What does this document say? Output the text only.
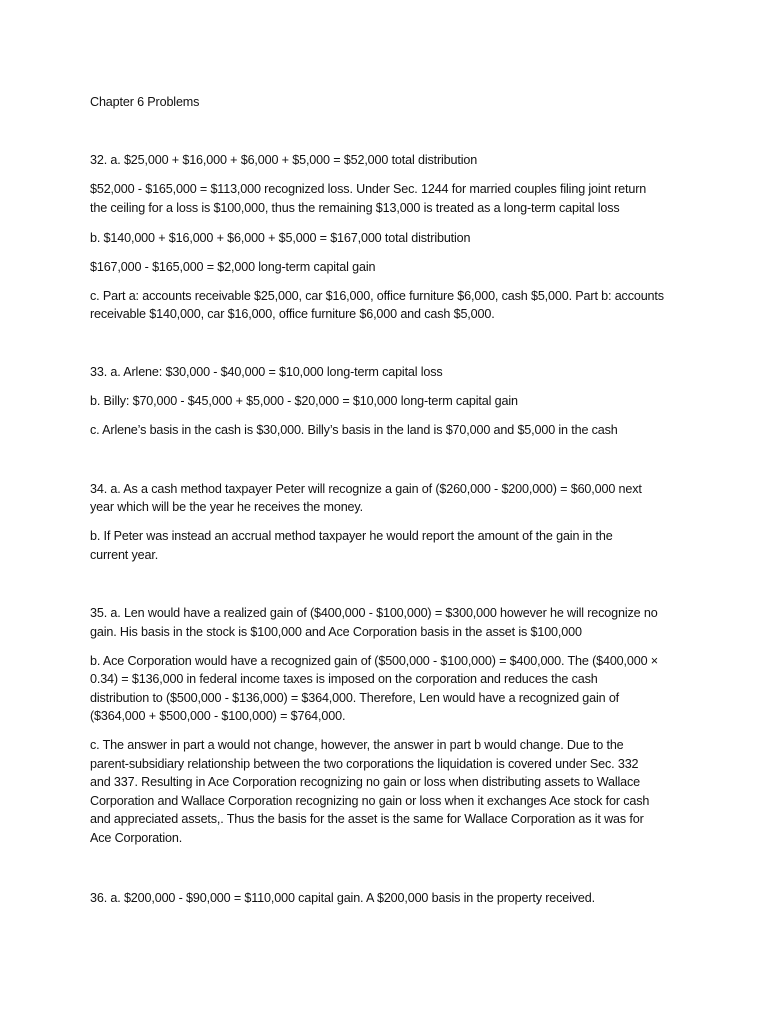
Chapter 6 Problems
32. a. $25,000 + $16,000 + $6,000 + $5,000 = $52,000 total distribution
$52,000 - $165,000 = $113,000 recognized loss. Under Sec. 1244 for married couples filing joint return
the ceiling for a loss is $100,000, thus the remaining $13,000 is treated as a long-term capital loss
b. $140,000 + $16,000 + $6,000 + $5,000 = $167,000 total distribution
$167,000 - $165,000 = $2,000 long-term capital gain
c. Part a: accounts receivable $25,000, car $16,000, office furniture $6,000, cash $5,000. Part b: accounts
receivable $140,000, car $16,000, office furniture $6,000 and cash $5,000.
33. a. Arlene: $30,000 - $40,000 = $10,000 long-term capital loss
b. Billy: $70,000 - $45,000 + $5,000 - $20,000 = $10,000 long-term capital gain
c. Arlene’s basis in the cash is $30,000. Billy’s basis in the land is $70,000 and $5,000 in the cash
34. a. As a cash method taxpayer Peter will recognize a gain of ($260,000 - $200,000) = $60,000 next
year which will be the year he receives the money.
b. If Peter was instead an accrual method taxpayer he would report the amount of the gain in the
current year.
35. a. Len would have a realized gain of ($400,000 - $100,000) = $300,000 however he will recognize no
gain. His basis in the stock is $100,000 and Ace Corporation basis in the asset is $100,000
b. Ace Corporation would have a recognized gain of ($500,000 - $100,000) = $400,000. The ($400,000 ×
0.34) = $136,000 in federal income taxes is imposed on the corporation and reduces the cash
distribution to ($500,000 - $136,000) = $364,000. Therefore, Len would have a recognized gain of
($364,000 + $500,000 - $100,000) = $764,000.
c. The answer in part a would not change, however, the answer in part b would change. Due to the
parent-subsidiary relationship between the two corporations the liquidation is covered under Sec. 332
and 337. Resulting in Ace Corporation recognizing no gain or loss when distributing assets to Wallace
Corporation and Wallace Corporation recognizing no gain or loss when it exchanges Ace stock for cash
and appreciated assets,. Thus the basis for the asset is the same for Wallace Corporation as it was for
Ace Corporation.
36. a. $200,000 - $90,000 = $110,000 capital gain. A $200,000 basis in the property received.
